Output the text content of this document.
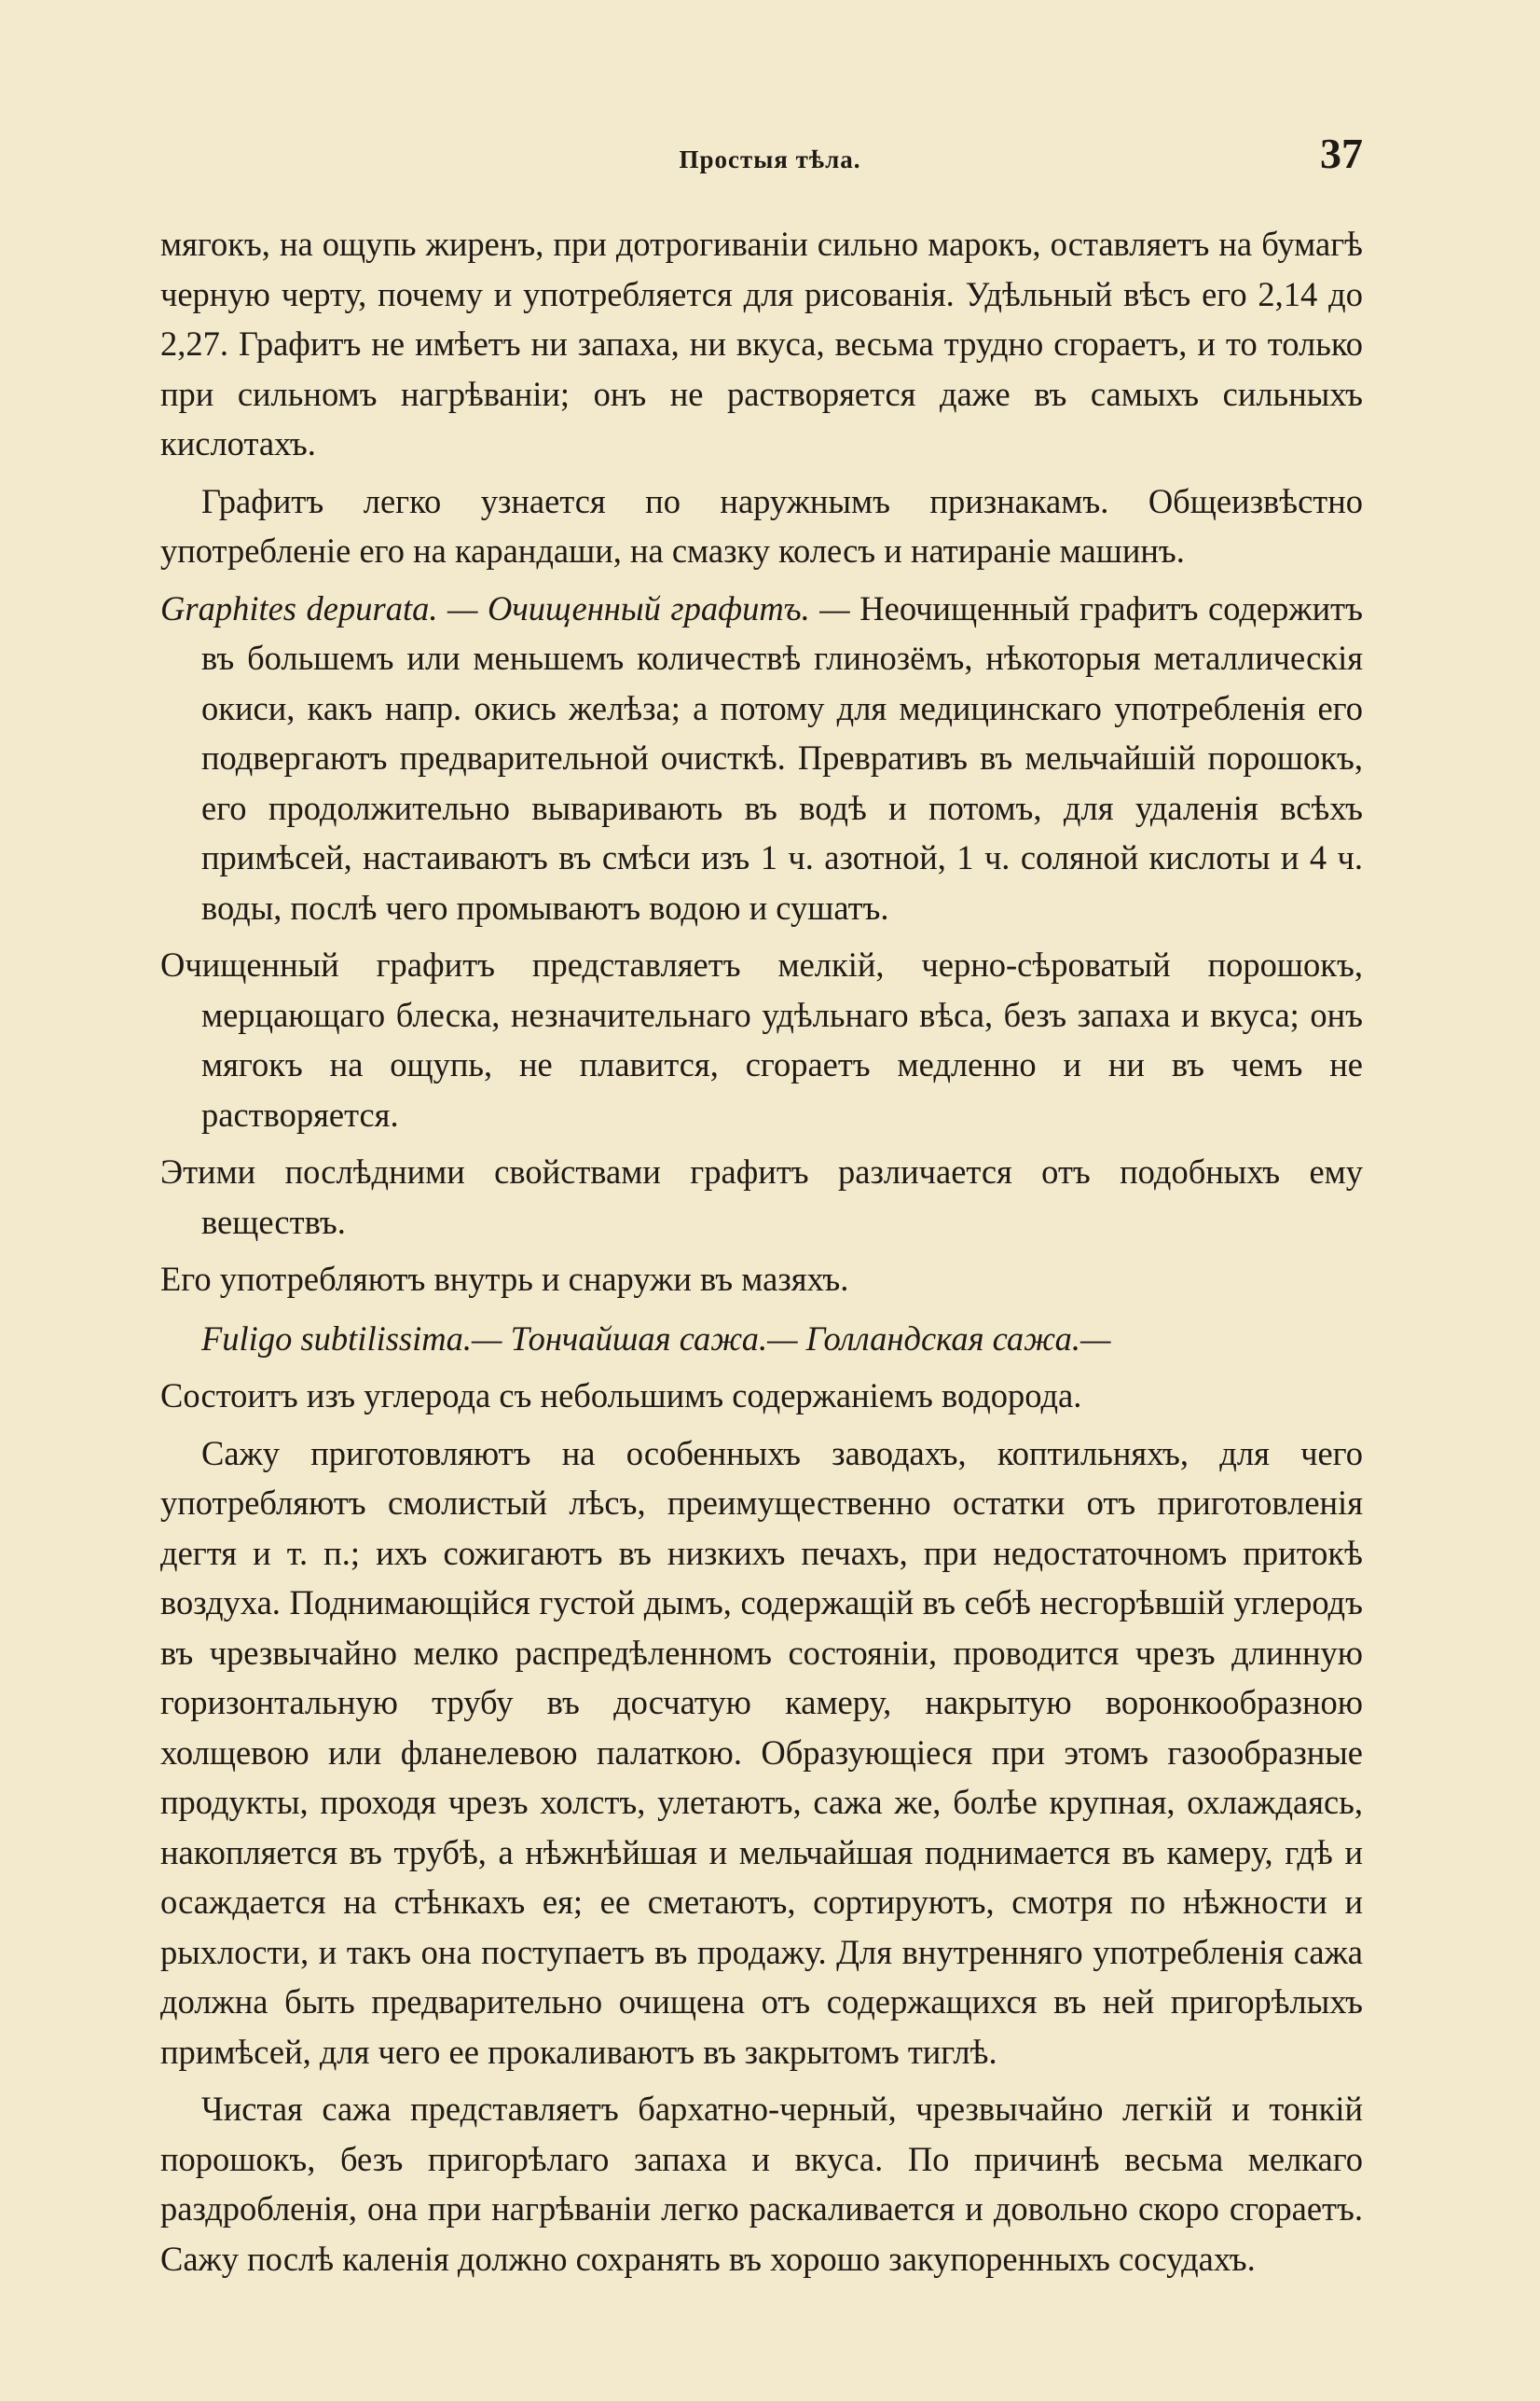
Простыя тѣла.	37

мягокъ, на ощупь жиренъ, при дотрогиваніи сильно марокъ, оставляетъ на бумагѣ черную черту, почему и употребляется для рисованія. Удѣльный вѣсъ его 2,14 до 2,27. Графитъ не имѣетъ ни запаха, ни вкуса, весьма трудно сгораетъ, и то только при сильномъ нагрѣваніи; онъ не растворяется даже въ самыхъ сильныхъ кислотахъ.

Графитъ легко узнается по наружнымъ признакамъ. Общеизвѣстно употребленіе его на карандаши, на смазку колесъ и натираніе машинъ.

Graphites depurata. — Очищенный графитъ. — Неочищенный графитъ содержитъ въ большемъ или меньшемъ количествѣ глинозёмъ, нѣкоторыя металлическія окиси, какъ напр. окись желѣза; а потому для медицинскаго употребленія его подвергаютъ предварительной очисткѣ. Превративъ въ мельчайшій порошокъ, его продолжительно вываривають въ водѣ и потомъ, для удаленія всѣхъ примѣсей, настаиваютъ въ смѣси изъ 1 ч. азотной, 1 ч. соляной кислоты и 4 ч. воды, послѣ чего промываютъ водою и сушатъ.

Очищенный графитъ представляетъ мелкій, черно-сѣроватый порошокъ, мерцающаго блеска, незначительнаго удѣльнаго вѣса, безъ запаха и вкуса; онъ мягокъ на ощупь, не плавится, сгораетъ медленно и ни въ чемъ не растворяется.

Этими послѣдними свойствами графитъ различается отъ подобныхъ ему веществъ.

Его употребляютъ внутрь и снаружи въ мазяхъ.

Fuligo subtilissima.— Тончайшая сажа.— Голландская сажа.—

Состоитъ изъ углерода съ небольшимъ содержаніемъ водорода.

Сажу приготовляютъ на особенныхъ заводахъ, коптильняхъ, для чего употребляютъ смолистый лѣсъ, преимущественно остатки отъ приготовленія дегтя и т. п.; ихъ сожигаютъ въ низкихъ печахъ, при недостаточномъ притокѣ воздуха. Поднимающійся густой дымъ, содержащій въ себѣ несгорѣвшій углеродъ въ чрезвычайно мелко распредѣленномъ состояніи, проводится чрезъ длинную горизонтальную трубу въ досчатую камеру, накрытую воронкообразною холщевою или фланелевою палаткою. Образующіеся при этомъ газообразные продукты, проходя чрезъ холстъ, улетаютъ, сажа же, болѣе крупная, охлаждаясь, накопляется въ трубѣ, а нѣжнѣйшая и мельчайшая поднимается въ камеру, гдѣ и осаждается на стѣнкахъ ея; ее сметаютъ, сортируютъ, смотря по нѣжности и рыхлости, и такъ она поступаетъ въ продажу. Для внутренняго употребленія сажа должна быть предварительно очищена отъ содержащихся въ ней пригорѣлыхъ примѣсей, для чего ее прокаливаютъ въ закрытомъ тиглѣ.

Чистая сажа представляетъ бархатно-черный, чрезвычайно легкій и тонкій порошокъ, безъ пригорѣлаго запаха и вкуса. По причинѣ весьма мелкаго раздробленія, она при нагрѣваніи легко раскаливается и довольно скоро сгораетъ. Сажу послѣ каленія должно сохранять въ хорошо закупоренныхъ сосудахъ.
